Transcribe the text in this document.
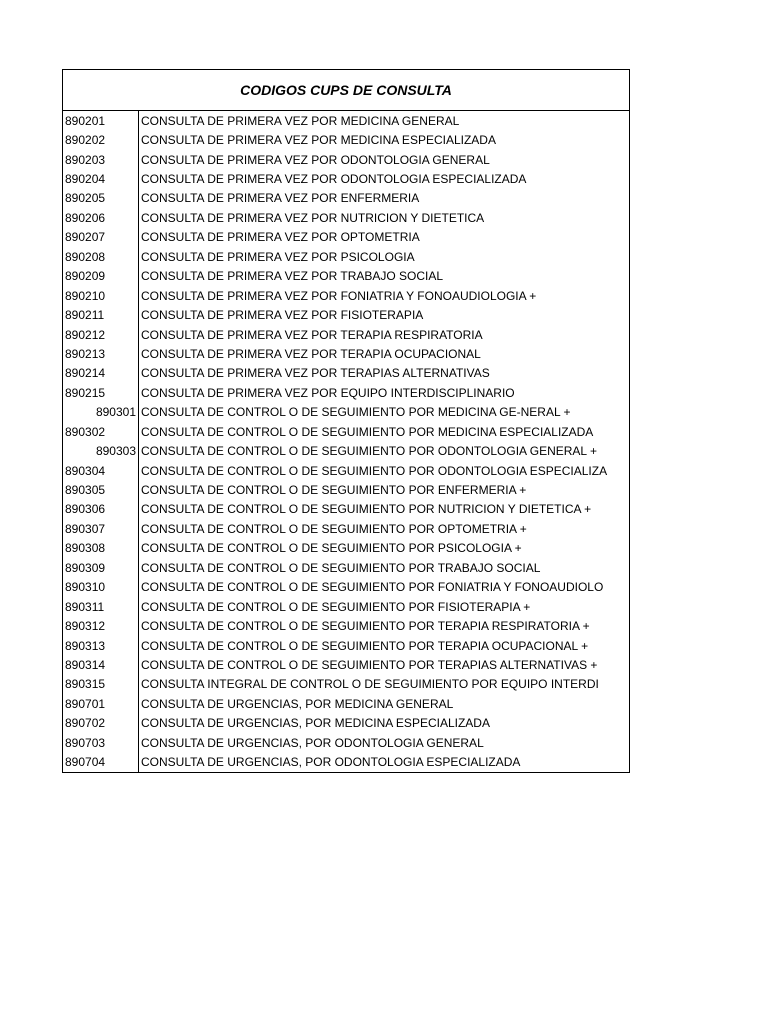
CODIGOS CUPS DE CONSULTA
890201	CONSULTA DE PRIMERA VEZ POR MEDICINA GENERAL
890202	CONSULTA DE PRIMERA VEZ POR MEDICINA ESPECIALIZADA
890203	CONSULTA DE PRIMERA VEZ POR ODONTOLOGIA GENERAL
890204	CONSULTA DE PRIMERA VEZ POR ODONTOLOGIA ESPECIALIZADA
890205	CONSULTA DE PRIMERA VEZ POR ENFERMERIA
890206	CONSULTA DE PRIMERA VEZ POR NUTRICION Y DIETETICA
890207	CONSULTA DE PRIMERA VEZ POR OPTOMETRIA
890208	CONSULTA DE PRIMERA VEZ POR PSICOLOGIA
890209	CONSULTA DE PRIMERA VEZ POR TRABAJO SOCIAL
890210	CONSULTA DE PRIMERA VEZ POR FONIATRIA Y FONOAUDIOLOGIA +
890211	CONSULTA DE PRIMERA VEZ POR FISIOTERAPIA
890212	CONSULTA DE PRIMERA VEZ POR TERAPIA RESPIRATORIA
890213	CONSULTA DE PRIMERA VEZ POR TERAPIA OCUPACIONAL
890214	CONSULTA DE PRIMERA VEZ POR TERAPIAS ALTERNATIVAS
890215	CONSULTA DE PRIMERA VEZ POR EQUIPO INTERDISCIPLINARIO
890301 CONSULTA DE CONTROL O DE SEGUIMIENTO POR MEDICINA GE-NERAL +
890302	CONSULTA DE CONTROL O DE SEGUIMIENTO POR MEDICINA ESPECIALIZADA
890303 CONSULTA DE CONTROL O DE SEGUIMIENTO POR ODONTOLOGIA GENERAL +
890304	CONSULTA DE CONTROL O DE SEGUIMIENTO POR ODONTOLOGIA ESPECIALIZA
890305	CONSULTA DE CONTROL O DE SEGUIMIENTO POR ENFERMERIA +
890306	CONSULTA DE CONTROL O DE SEGUIMIENTO POR NUTRICION Y DIETETICA +
890307	CONSULTA DE CONTROL O DE SEGUIMIENTO POR OPTOMETRIA +
890308	CONSULTA DE CONTROL O DE SEGUIMIENTO POR PSICOLOGIA +
890309	CONSULTA DE CONTROL O DE SEGUIMIENTO POR TRABAJO SOCIAL
890310	CONSULTA DE CONTROL O DE SEGUIMIENTO POR FONIATRIA Y FONOAUDIOLO
890311	CONSULTA DE CONTROL O DE SEGUIMIENTO POR FISIOTERAPIA +
890312	CONSULTA DE CONTROL O DE SEGUIMIENTO POR TERAPIA RESPIRATORIA +
890313	CONSULTA DE CONTROL O DE SEGUIMIENTO POR TERAPIA OCUPACIONAL +
890314	CONSULTA DE CONTROL O DE SEGUIMIENTO POR TERAPIAS ALTERNATIVAS +
890315	CONSULTA INTEGRAL DE CONTROL O DE SEGUIMIENTO POR EQUIPO INTERDI
890701	CONSULTA DE URGENCIAS, POR MEDICINA GENERAL
890702	CONSULTA DE URGENCIAS, POR MEDICINA ESPECIALIZADA
890703	CONSULTA DE URGENCIAS, POR ODONTOLOGIA GENERAL
890704	CONSULTA DE URGENCIAS, POR ODONTOLOGIA ESPECIALIZADA
